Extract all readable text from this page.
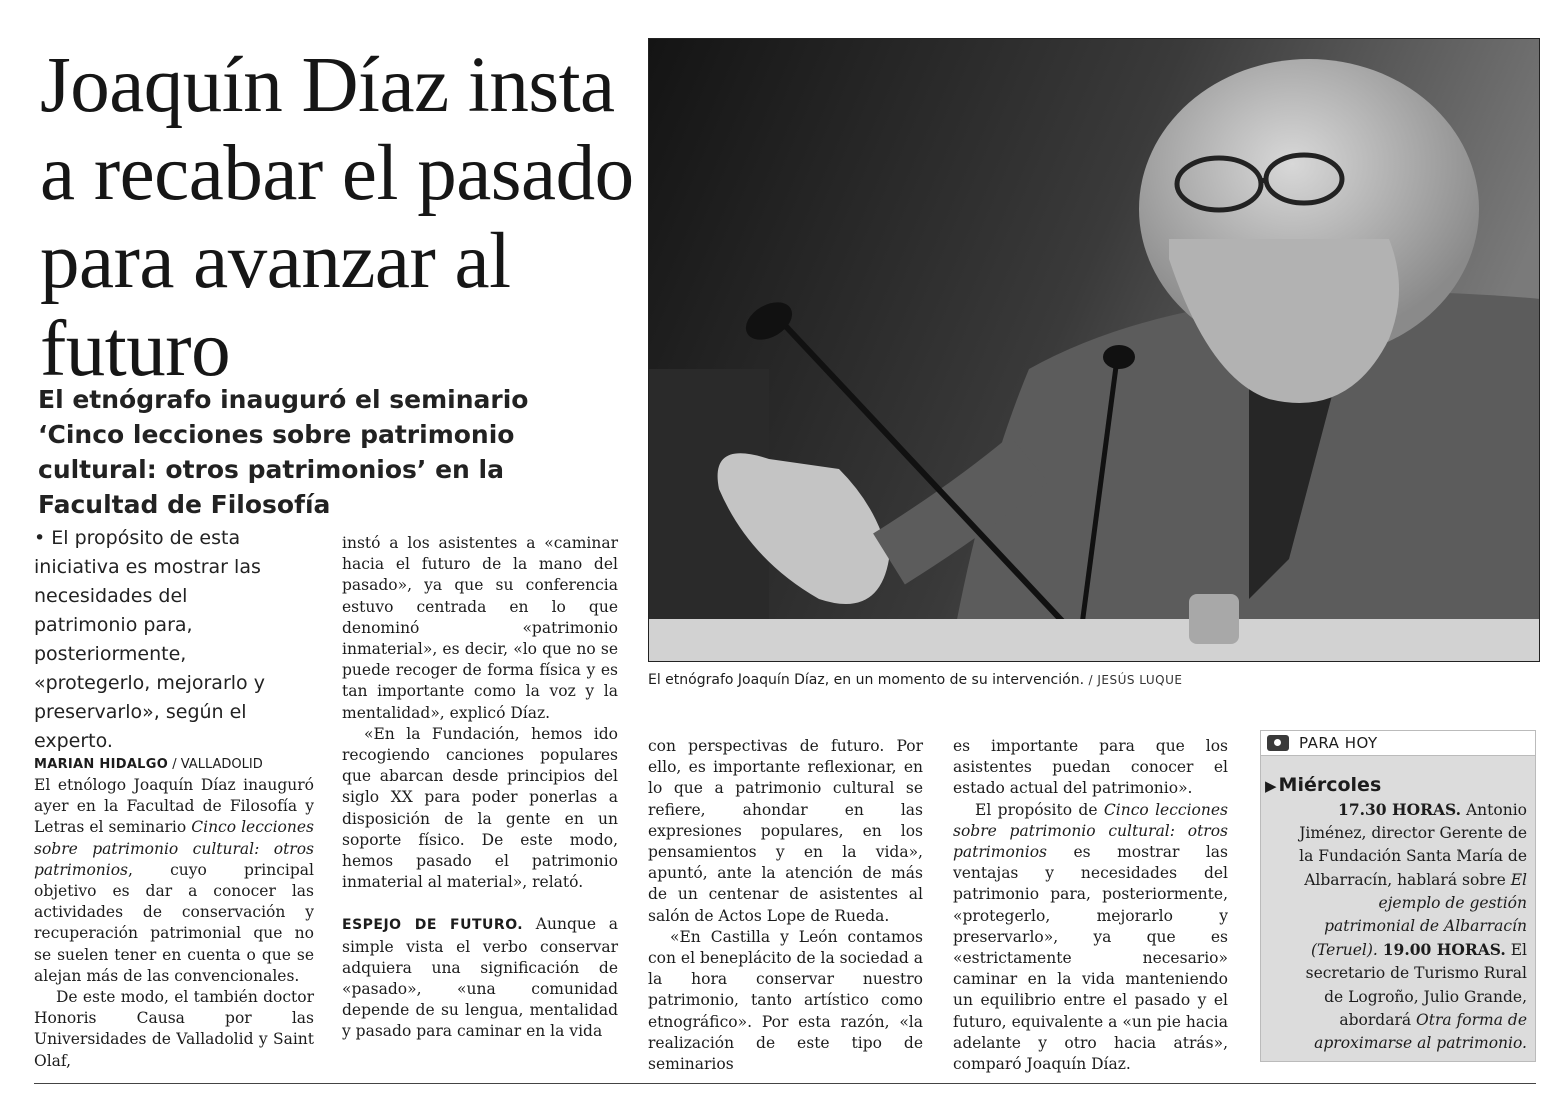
Joaquín Díaz insta a recabar el pasado para avanzar al futuro
El etnógrafo inauguró el seminario ‘Cinco lecciones sobre patrimonio cultural: otros patrimonios’ en la Facultad de Filosofía
El etnógrafo Joaquín Díaz, en un momento de su intervención. / JESÚS LUQUE

• El propósito de esta iniciativa es mostrar las necesidades del patrimonio para, posteriormente, «protegerlo, mejorarlo y preservarlo», según el experto.

MARIAN HIDALGO / VALLADOLID

El etnólogo Joaquín Díaz inauguró ayer en la Facultad de Filosofía y Letras el seminario Cinco lecciones sobre patrimonio cultural: otros patrimonios, cuyo principal objetivo es dar a conocer las actividades de conservación y recuperación patrimonial que no se suelen tener en cuenta o que se alejan más de las convencionales.

De este modo, el también doctor Honoris Causa por las Universidades de Valladolid y Saint Olaf,

instó a los asistentes a «caminar hacia el futuro de la mano del pasado», ya que su conferencia estuvo centrada en lo que denominó «patrimonio inmaterial», es decir, «lo que no se puede recoger de forma física y es tan importante como la voz y la mentalidad», explicó Díaz.

«En la Fundación, hemos ido recogiendo canciones populares que abarcan desde principios del siglo XX para poder ponerlas a disposición de la gente en un soporte físico. De este modo, hemos pasado el patrimonio inmaterial al material», relató.

ESPEJO DE FUTURO. Aunque a simple vista el verbo conservar adquiera una significación de «pasado», «una comunidad depende de su lengua, mentalidad y pasado para caminar en la vida

con perspectivas de futuro. Por ello, es importante reflexionar, en lo que a patrimonio cultural se refiere, ahondar en las expresiones populares, en los pensamientos y en la vida», apuntó, ante la atención de más de un centenar de asistentes al salón de Actos Lope de Rueda.

«En Castilla y León contamos con el beneplácito de la sociedad a la hora conservar nuestro patrimonio, tanto artístico como etnográfico». Por esta razón, «la realización de este tipo de seminarios

es importante para que los asistentes puedan conocer el estado actual del patrimonio».

El propósito de Cinco lecciones sobre patrimonio cultural: otros patrimonios es mostrar las ventajas y necesidades del patrimonio para, posteriormente, «protegerlo, mejorarlo y preservarlo», ya que es «estrictamente necesario» caminar en la vida manteniendo un equilibrio entre el pasado y el futuro, equivalente a «un pie hacia adelante y otro hacia atrás», comparó Joaquín Díaz.

PARA HOY
▶ Miércoles

17.30 HORAS. Antonio Jiménez, director Gerente de la Fundación Santa María de Albarracín, hablará sobre El ejemplo de gestión patrimonial de Albarracín (Teruel). 19.00 HORAS. El secretario de Turismo Rural de Logroño, Julio Grande, abordará Otra forma de aproximarse al patrimonio.
